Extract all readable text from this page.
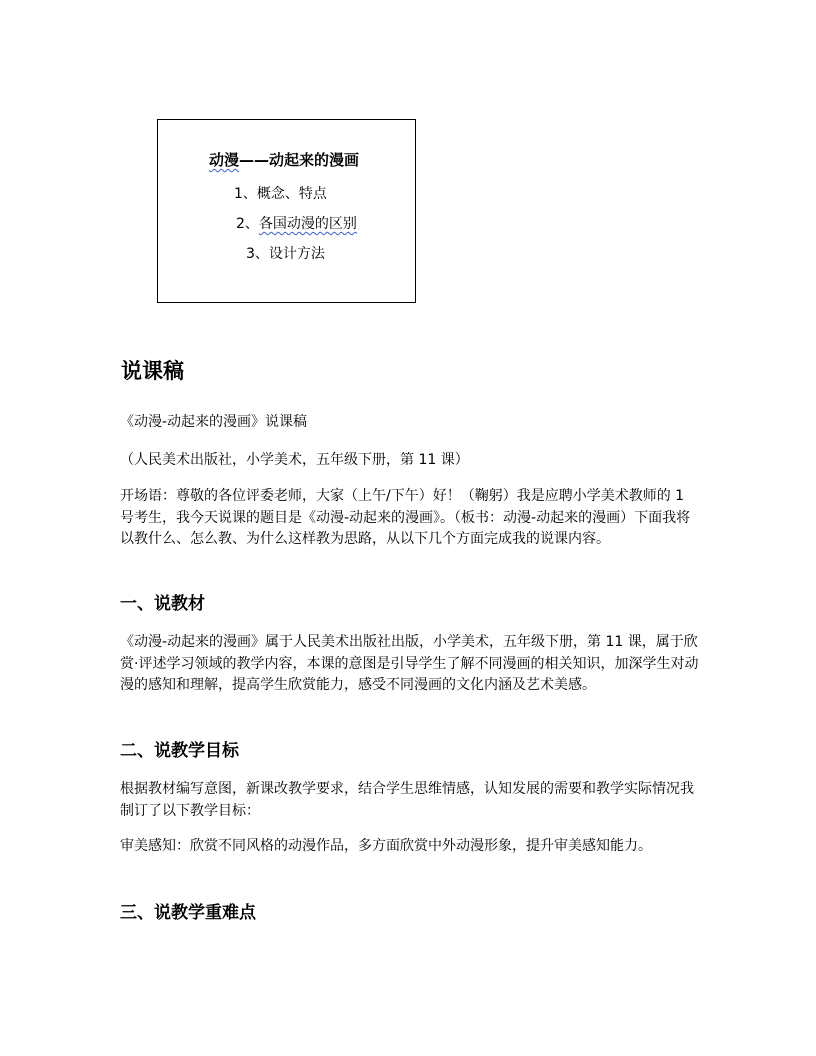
动漫——动起来的漫画
1、概念、特点
2、各国动漫的区别
3、设计方法
说课稿

《动漫-动起来的漫画》说课稿

（人民美术出版社，小学美术，五年级下册，第 11 课）

开场语：尊敬的各位评委老师，大家（上午/下午）好！（鞠躬）我是应聘小学美术教师的 1 号考生，我今天说课的题目是《动漫-动起来的漫画》。（板书：动漫-动起来的漫画）下面我将以教什么、怎么教、为什么这样教为思路，从以下几个方面完成我的说课内容。

一、说教材

《动漫-动起来的漫画》属于人民美术出版社出版，小学美术，五年级下册，第 11 课，属于欣赏·评述学习领域的教学内容，本课的意图是引导学生了解不同漫画的相关知识，加深学生对动漫的感知和理解，提高学生欣赏能力，感受不同漫画的文化内涵及艺术美感。

二、说教学目标

根据教材编写意图，新课改教学要求，结合学生思维情感，认知发展的需要和教学实际情况我制订了以下教学目标：

审美感知：欣赏不同风格的动漫作品，多方面欣赏中外动漫形象，提升审美感知能力。

三、说教学重难点
